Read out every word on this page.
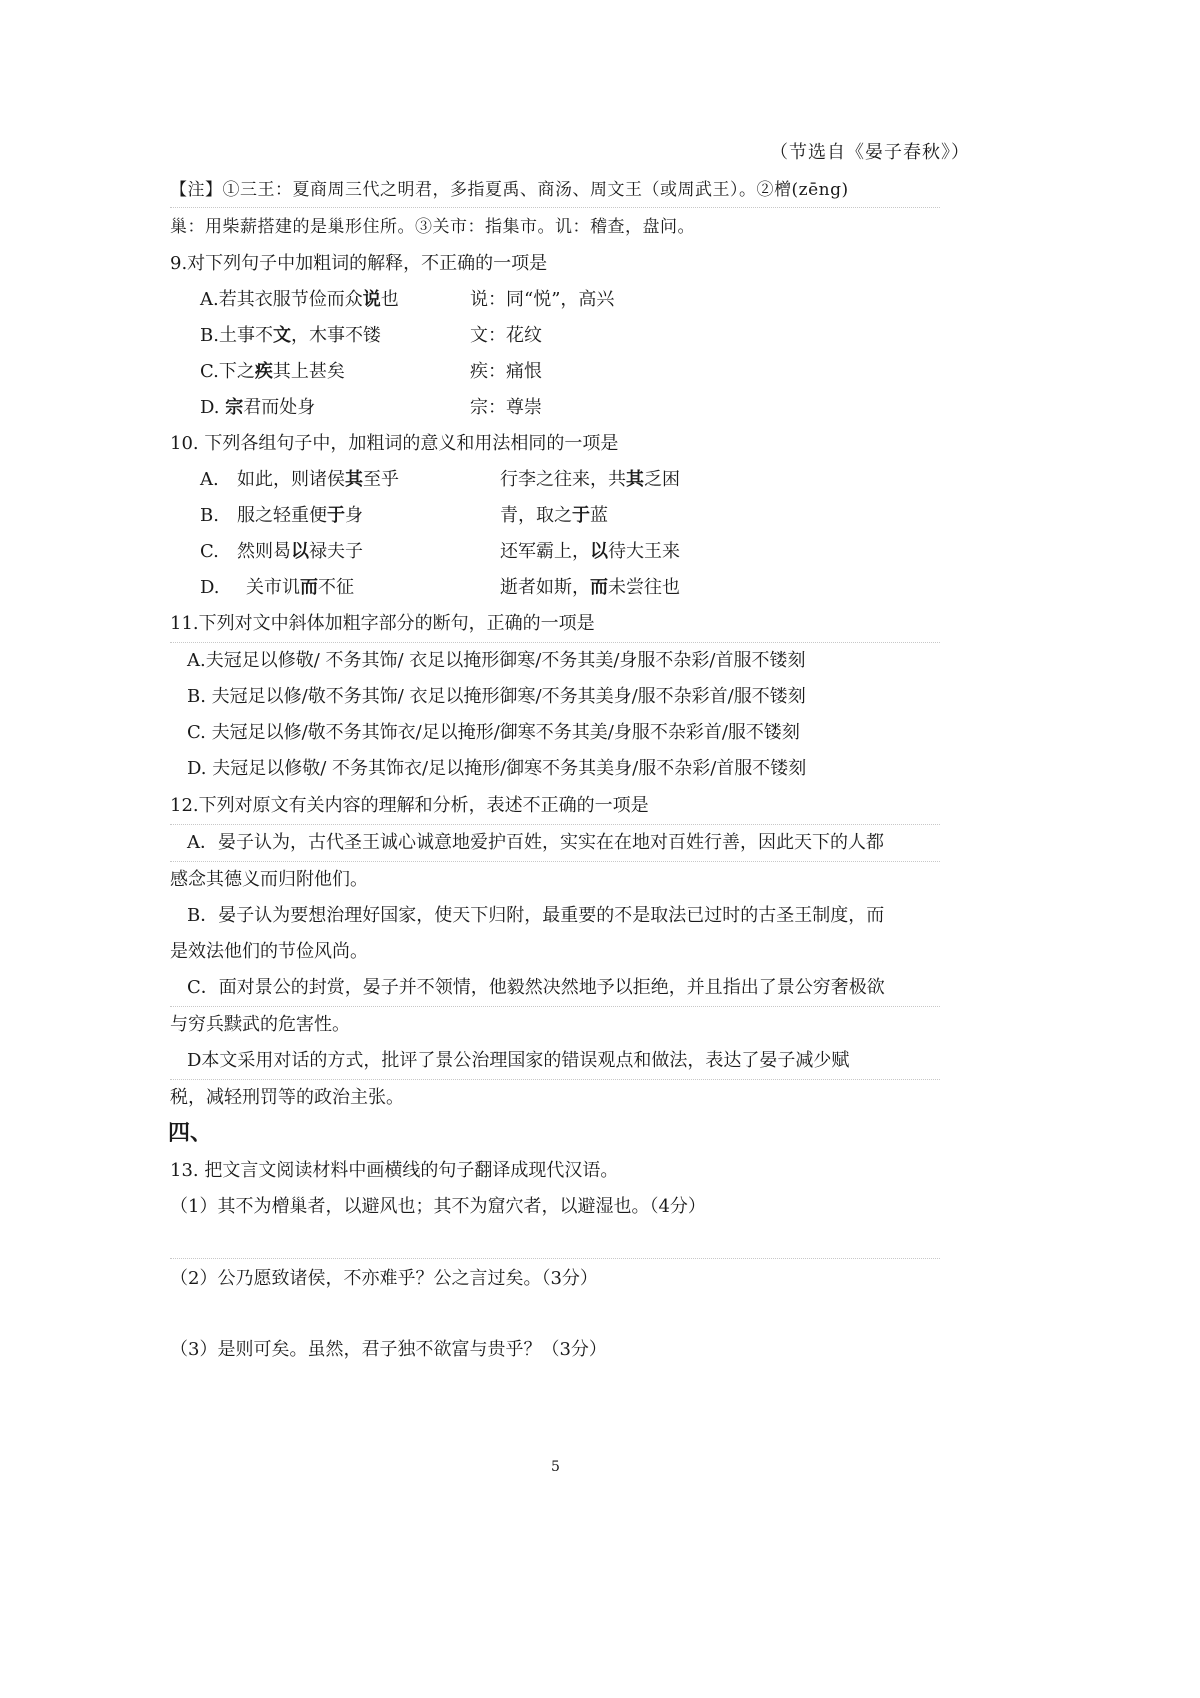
（节选自《晏子春秋》）
【注】①三王：夏商周三代之明君，多指夏禹、商汤、周文王（或周武王）。②橧(zēng)
巢：用柴薪搭建的是巢形住所。③关市：指集市。讥：稽查，盘问。
9.对下列句子中加粗词的解释，不正确的一项是
A.若其衣服节俭而众说也	说：同“悦”，高兴
B.土事不文，木事不镂	文：花纹
C.下之疾其上甚矣	疾：痛恨
D. 宗君而处身	宗：尊崇
10. 下列各组句子中，加粗词的意义和用法相同的一项是
A. 如此，则诸侯其至乎	行李之往来，共其乏困
B. 服之轻重便于身	青，取之于蓝
C. 然则曷以禄夫子	还军霸上，以待大王来
D. 关市讥而不征	逝者如斯，而未尝往也
11.下列对文中斜体加粗字部分的断句，正确的一项是
A.夫冠足以修敬/ 不务其饰/ 衣足以掩形御寒/不务其美/身服不杂彩/首服不镂刻
B. 夫冠足以修/敬不务其饰/ 衣足以掩形御寒/不务其美身/服不杂彩首/服不镂刻
C. 夫冠足以修/敬不务其饰衣/足以掩形/御寒不务其美/身服不杂彩首/服不镂刻
D. 夫冠足以修敬/ 不务其饰衣/足以掩形/御寒不务其美身/服不杂彩/首服不镂刻
12.下列对原文有关内容的理解和分析，表述不正确的一项是
A．晏子认为，古代圣王诚心诚意地爱护百姓，实实在在地对百姓行善，因此天下的人都
感念其德义而归附他们。
B．晏子认为要想治理好国家，使天下归附，最重要的不是取法已过时的古圣王制度，而
是效法他们的节俭风尚。
C．面对景公的封赏，晏子并不领情，他毅然决然地予以拒绝，并且指出了景公穷奢极欲
与穷兵黩武的危害性。
D本文采用对话的方式，批评了景公治理国家的错误观点和做法，表达了晏子减少赋
税，减轻刑罚等的政治主张。
四、
13. 把文言文阅读材料中画横线的句子翻译成现代汉语。
（1）其不为橧巢者，以避风也；其不为窟穴者，以避湿也。（4分）
（2）公乃愿致诸侯，不亦难乎？公之言过矣。（3分）
（3）是则可矣。虽然，君子独不欲富与贵乎？（3分）
5
